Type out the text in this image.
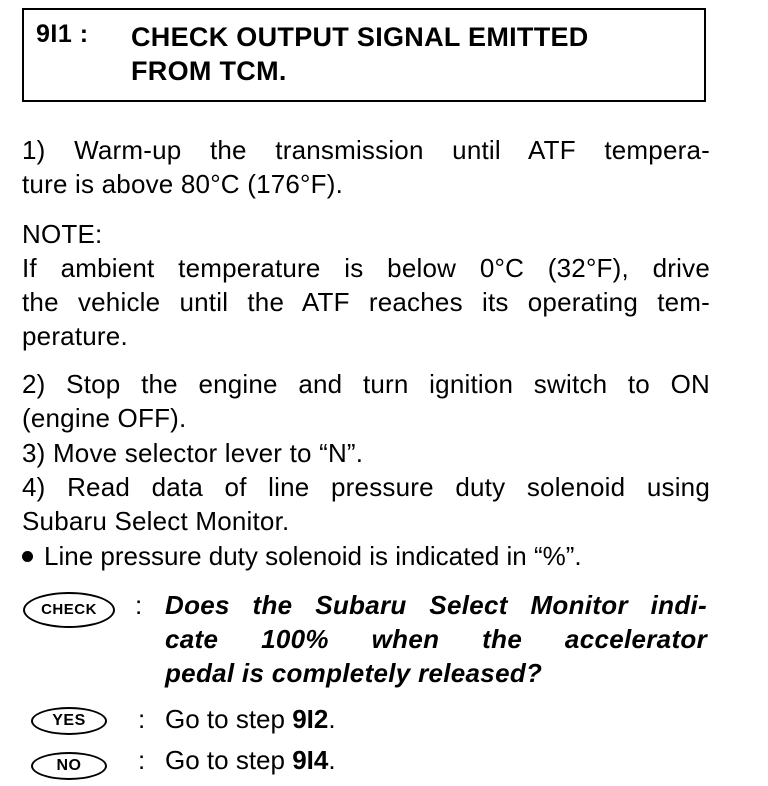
9I1 : CHECK OUTPUT SIGNAL EMITTED
FROM TCM.
1) Warm-up the transmission until ATF tempera-
ture is above 80°C (176°F).
NOTE:
If ambient temperature is below 0°C (32°F), drive
the vehicle until the ATF reaches its operating tem-
perature.
2) Stop the engine and turn ignition switch to ON
(engine OFF).
3) Move selector lever to “N”.
4) Read data of line pressure duty solenoid using
Subaru Select Monitor.
Line pressure duty solenoid is indicated in “%”.
CHECK	: Does the Subaru Select Monitor indi-
cate 100% when the accelerator
pedal is completely released?
YES	: Go to step 9I2.
NO	: Go to step 9I4.
